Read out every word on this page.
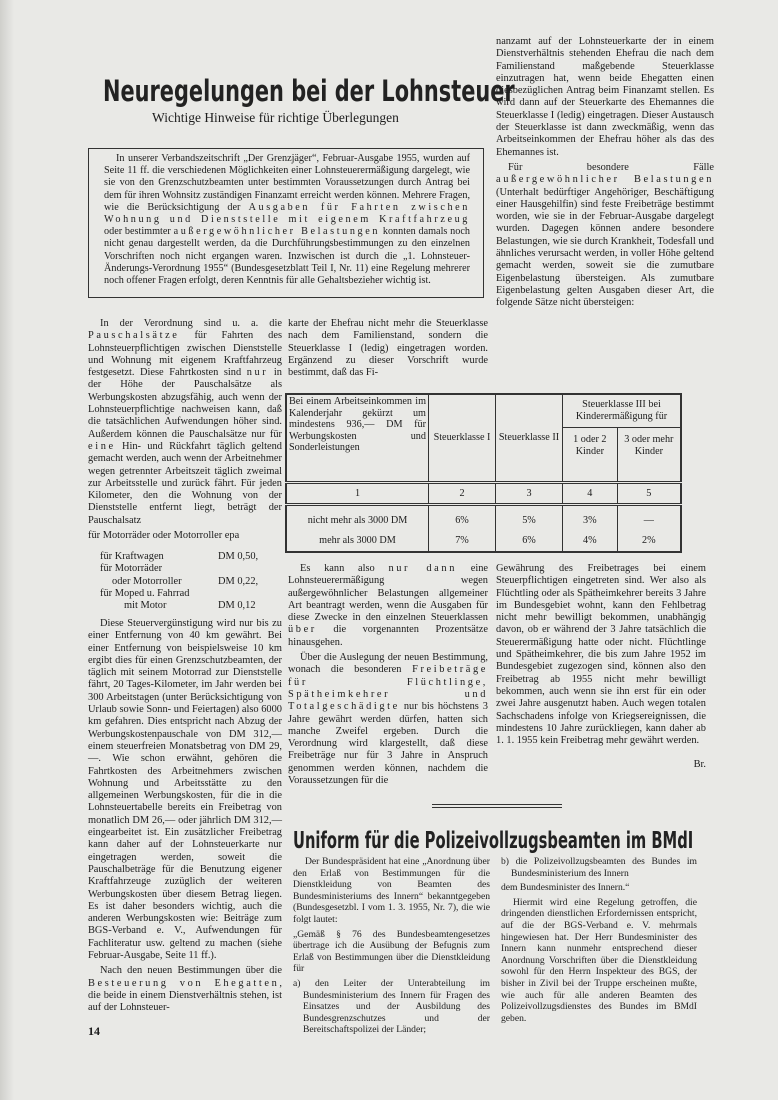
Neuregelungen bei der Lohnsteuer
Wichtige Hinweise für richtige Überlegungen

In unserer Verbandszeitschrift „Der Grenzjäger“, Februar-Ausgabe 1955, wurden auf Seite 11 ff. die verschiedenen Möglichkeiten einer Lohnsteuerermäßigung dargelegt, wie sie von den Grenzschutzbeamten unter bestimmten Voraussetzungen durch Antrag bei dem für ihren Wohnsitz zuständigen Finanzamt erreicht werden können. Mehrere Fragen, wie die Berücksichtigung der Ausgaben für Fahrten zwischen Wohnung und Dienststelle mit eigenem Kraftfahrzeug oder bestimmter außergewöhnlicher Belastungen konnten damals noch nicht genau dargestellt werden, da die Durchführungsbestimmungen zu den einzelnen Vorschriften noch nicht ergangen waren. Inzwischen ist durch die „1. Lohnsteuer-Änderungs-Verordnung 1955“ (Bundesgesetzblatt Teil I, Nr. 11) eine Regelung mehrerer noch offener Fragen erfolgt, deren Kenntnis für alle Gehaltsbezieher wichtig ist.

In der Verordnung sind u. a. die Pauschalsätze für Fahrten des Lohnsteuerpflichtigen zwischen Dienststelle und Wohnung mit eigenem Kraftfahrzeug festgesetzt. Diese Fahrtkosten sind nur in der Höhe der Pauschalsätze als Werbungskosten abzugsfähig, auch wenn der Lohnsteuerpflichtige nachweisen kann, daß die tatsächlichen Aufwendungen höher sind. Außerdem können die Pauschalsätze nur für eine Hin- und Rückfahrt täglich geltend gemacht werden, auch wenn der Arbeitnehmer wegen getrennter Arbeitszeit täglich zweimal zur Arbeitsstelle und zurück fährt. Für jeden Kilometer, den die Wohnung von der Dienststelle entfernt liegt, beträgt der Pauschalsatz

für Motorräder oder Motorroller epa

für Kraftwagen	DM 0,50,
für Motorräder
oder Motorroller	DM 0,22,
für Moped u. Fahrrad
mit Motor	DM 0,12

Diese Steuervergünstigung wird nur bis zu einer Entfernung von 40 km gewährt. Bei einer Entfernung von beispielsweise 10 km ergibt dies für einen Grenzschutzbeamten, der täglich mit seinem Motorrad zur Dienststelle fährt, 20 Tages-Kilometer, im Jahr werden bei 300 Arbeitstagen (unter Berücksichtigung von Urlaub sowie Sonn- und Feiertagen) also 6000 km gefahren. Dies entspricht nach Abzug der Werbungskostenpauschale von DM 312,— einem steuerfreien Monatsbetrag von DM 29,—. Wie schon erwähnt, gehören die Fahrtkosten des Arbeitnehmers zwischen Wohnung und Arbeitsstätte zu den allgemeinen Werbungskosten, für die in die Lohnsteuertabelle bereits ein Freibetrag von monatlich DM 26,— oder jährlich DM 312,— eingearbeitet ist. Ein zusätzlicher Freibetrag kann daher auf der Lohnsteuerkarte nur eingetragen werden, soweit die Pauschalbeträge für die Benutzung eigener Kraftfahrzeuge zuzüglich der weiteren Werbungskosten über diesem Betrag liegen. Es ist daher besonders wichtig, auch die anderen Werbungskosten wie: Beiträge zum BGS-Verband e. V., Aufwendungen für Fachliteratur usw. geltend zu machen (siehe Februar-Ausgabe, Seite 11 ff.).

Nach den neuen Bestimmungen über die Besteuerung von Ehegatten, die beide in einem Dienstverhältnis stehen, ist auf der Lohnsteuer-

karte der Ehefrau nicht mehr die Steuerklasse nach dem Familienstand, sondern die Steuerklasse I (ledig) eingetragen worden. Ergänzend zu dieser Vorschrift wurde bestimmt, daß das Fi-

nanzamt auf der Lohnsteuerkarte der in einem Dienstverhältnis stehenden Ehefrau die nach dem Familienstand maßgebende Steuerklasse einzutragen hat, wenn beide Ehegatten einen diesbezüglichen Antrag beim Finanzamt stellen. Es wird dann auf der Steuerkarte des Ehemannes die Steuerklasse I (ledig) eingetragen. Dieser Austausch der Steuerklasse ist dann zweckmäßig, wenn das Arbeitseinkommen der Ehefrau höher als das des Ehemannes ist.

Für besondere Fälle außergewöhnlicher Belastungen (Unterhalt bedürftiger Angehöriger, Beschäftigung einer Hausgehilfin) sind feste Freibeträge bestimmt worden, wie sie in der Februar-Ausgabe dargelegt wurden. Dagegen können andere besondere Belastungen, wie sie durch Krankheit, Todesfall und ähnliches verursacht werden, in voller Höhe geltend gemacht werden, soweit sie die zumutbare Eigenbelastung übersteigen. Als zumutbare Eigenbelastung gelten Ausgaben dieser Art, die folgende Sätze nicht übersteigen:

Bei einem Arbeitseinkommen im Kalenderjahr gekürzt um mindestens 936,— DM für Werbungskosten und Sonderleistungen	Steuerklasse I	Steuerklasse II	Steuerklasse III bei Kinderermäßigung für	
			1 oder 2 Kinder	3 oder mehr Kinder
1	2	3	4	5
nicht mehr als 3000 DM	6%	5%	3%	—
mehr als 3000 DM	7%	6%	4%	2%

Es kann also nur dann eine Lohnsteuerermäßigung wegen außergewöhnlicher Belastungen allgemeiner Art beantragt werden, wenn die Ausgaben für diese Zwecke in den einzelnen Steuerklassen über die vorgenannten Prozentsätze hinausgehen.

Über die Auslegung der neuen Bestimmung, wonach die besonderen Freibeträge für Flüchtlinge, Spätheimkehrer und Totalgeschädigte nur bis höchstens 3 Jahre gewährt werden dürfen, hatten sich manche Zweifel ergeben. Durch die Verordnung wird klargestellt, daß diese Freibeträge nur für 3 Jahre in Anspruch genommen werden können, nachdem die Voraussetzungen für die

Gewährung des Freibetrages bei einem Steuerpflichtigen eingetreten sind. Wer also als Flüchtling oder als Spätheimkehrer bereits 3 Jahre im Bundesgebiet wohnt, kann den Fehlbetrag nicht mehr bewilligt bekommen, unabhängig davon, ob er während der 3 Jahre tatsächlich die Steuerermäßigung hatte oder nicht. Flüchtlinge und Spätheimkehrer, die bis zum Jahre 1952 im Bundesgebiet zugezogen sind, können also den Freibetrag ab 1955 nicht mehr bewilligt bekommen, auch wenn sie ihn erst für ein oder zwei Jahre ausgenutzt haben. Auch wegen totalen Sachschadens infolge von Kriegsereignissen, die mindestens 10 Jahre zurückliegen, kann daher ab 1. 1. 1955 kein Freibetrag mehr gewährt werden.

Br.
Uniform für die Polizeivollzugsbeamten im BMdI

Der Bundespräsident hat eine „Anordnung über den Erlaß von Bestimmungen für die Dienstkleidung von Beamten des Bundesministeriums des Innern“ bekanntgegeben (Bundesgesetzbl. I vom 1. 3. 1955, Nr. 7), die wie folgt lautet:

„Gemäß § 76 des Bundesbeamtengesetzes übertrage ich die Ausübung der Befugnis zum Erlaß von Bestimmungen über die Dienstkleidung für

a) den Leiter der Unterabteilung im Bundesministerium des Innern für Fragen des Einsatzes und der Ausbildung des Bundesgrenzschutzes und der Bereitschaftspolizei der Länder;

b) die Polizeivollzugsbeamten des Bundes im Bundesministerium des Innern

dem Bundesminister des Innern.“

Hiermit wird eine Regelung getroffen, die dringenden dienstlichen Erfordernissen entspricht, auf die der BGS-Verband e. V. mehrmals hingewiesen hat. Der Herr Bundesminister des Innern kann nunmehr entsprechend dieser Anordnung Vorschriften über die Dienstkleidung sowohl für den Herrn Inspekteur des BGS, der bisher in Zivil bei der Truppe erscheinen mußte, wie auch für alle anderen Beamten des Polizeivollzugsdienstes des Bundes im BMdI geben.

14
